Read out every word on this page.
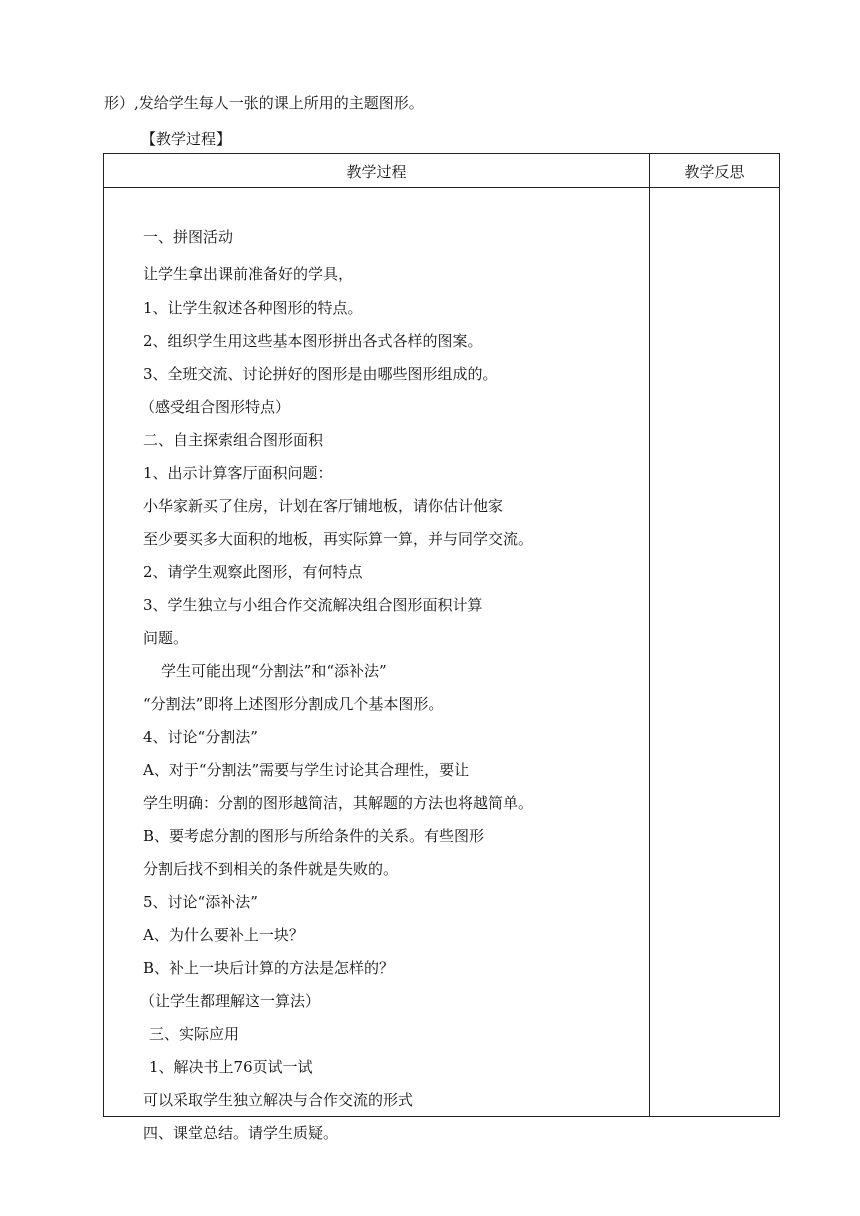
形）,发给学生每人一张的课上所用的主题图形。
【教学过程】
教学过程	教学反思
一、拼图活动
让学生拿出课前准备好的学具，
1、让学生叙述各种图形的特点。
2、组织学生用这些基本图形拼出各式各样的图案。
3、全班交流、讨论拼好的图形是由哪些图形组成的。
（感受组合图形特点）
二、自主探索组合图形面积
1、出示计算客厅面积问题：
小华家新买了住房，计划在客厅铺地板，请你估计他家
至少要买多大面积的地板，再实际算一算，并与同学交流。
2、请学生观察此图形，有何特点
3、学生独立与小组合作交流解决组合图形面积计算
问题。
学生可能出现“分割法”和“添补法”
“分割法”即将上述图形分割成几个基本图形。
4、讨论“分割法”
A、对于“分割法”需要与学生讨论其合理性，要让
学生明确：分割的图形越简洁，其解题的方法也将越简单。
B、要考虑分割的图形与所给条件的关系。有些图形
分割后找不到相关的条件就是失败的。
5、讨论“添补法”
A、为什么要补上一块？
B、补上一块后计算的方法是怎样的？
（让学生都理解这一算法）
三、实际应用
1、解决书上76页试一试
可以采取学生独立解决与合作交流的形式
四、课堂总结。请学生质疑。
